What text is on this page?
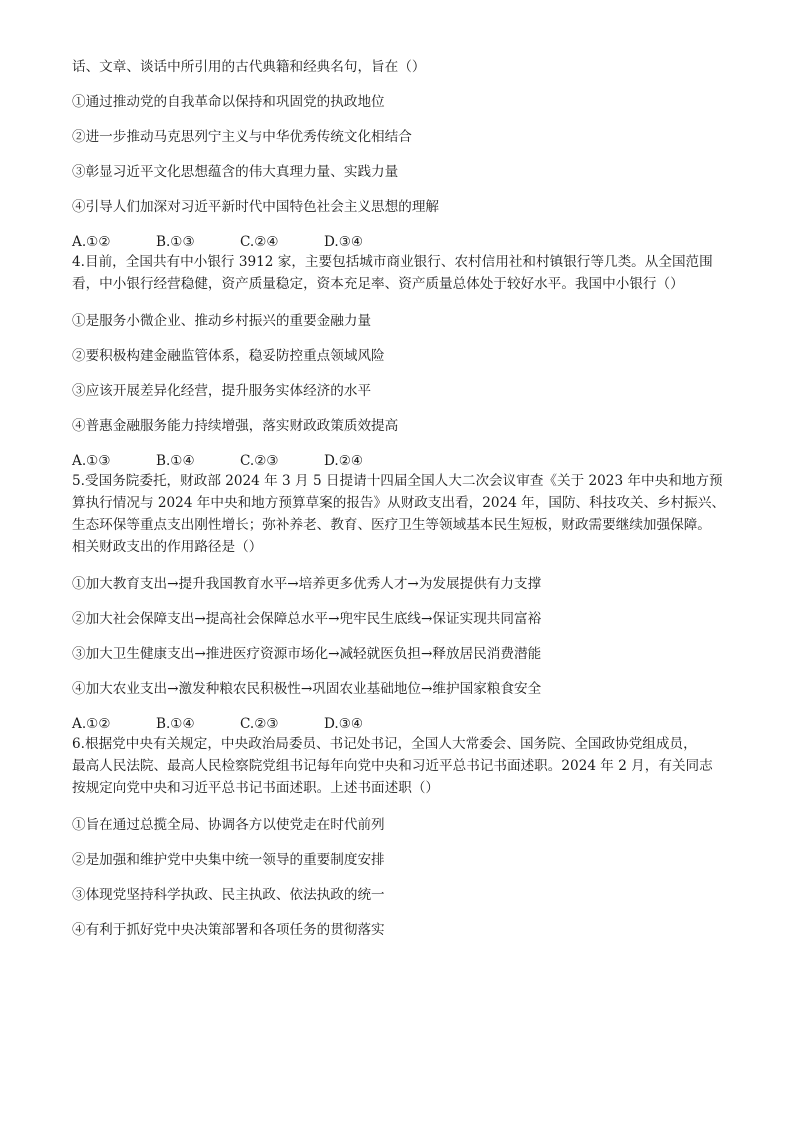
话、文章、谈话中所引用的古代典籍和经典名句，旨在（）

①通过推动党的自我革命以保持和巩固党的执政地位

②进一步推动马克思列宁主义与中华优秀传统文化相结合

③彰显习近平文化思想蕴含的伟大真理力量、实践力量

④引导人们加深对习近平新时代中国特色社会主义思想的理解

A.①②	B.①③	C.②④	D.③④

4.目前，全国共有中小银行 3912 家，主要包括城市商业银行、农村信用社和村镇银行等几类。从全国范围

看，中小银行经营稳健，资产质量稳定，资本充足率、资产质量总体处于较好水平。我国中小银行（）

①是服务小微企业、推动乡村振兴的重要金融力量

②要积极构建金融监管体系，稳妥防控重点领域风险

③应该开展差异化经营，提升服务实体经济的水平

④普惠金融服务能力持续增强，落实财政政策质效提高

A.①③	B.①④	C.②③	D.②④

5.受国务院委托，财政部 2024 年 3 月 5 日提请十四届全国人大二次会议审查《关于 2023 年中央和地方预

算执行情况与 2024 年中央和地方预算草案的报告》从财政支出看，2024 年，国防、科技攻关、乡村振兴、

生态环保等重点支出刚性增长；弥补养老、教育、医疗卫生等领域基本民生短板，财政需要继续加强保障。

相关财政支出的作用路径是（）

①加大教育支出→提升我国教育水平→培养更多优秀人才→为发展提供有力支撑

②加大社会保障支出→提高社会保障总水平→兜牢民生底线→保证实现共同富裕

③加大卫生健康支出→推进医疗资源市场化→减轻就医负担→释放居民消费潜能

④加大农业支出→激发种粮农民积极性→巩固农业基础地位→维护国家粮食安全

A.①②	B.①④	C.②③	D.③④

6.根据党中央有关规定，中央政治局委员、书记处书记，全国人大常委会、国务院、全国政协党组成员，

最高人民法院、最高人民检察院党组书记每年向党中央和习近平总书记书面述职。2024 年 2 月，有关同志

按规定向党中央和习近平总书记书面述职。上述书面述职（）

①旨在通过总揽全局、协调各方以使党走在时代前列

②是加强和维护党中央集中统一领导的重要制度安排

③体现党坚持科学执政、民主执政、依法执政的统一

④有利于抓好党中央决策部署和各项任务的贯彻落实
